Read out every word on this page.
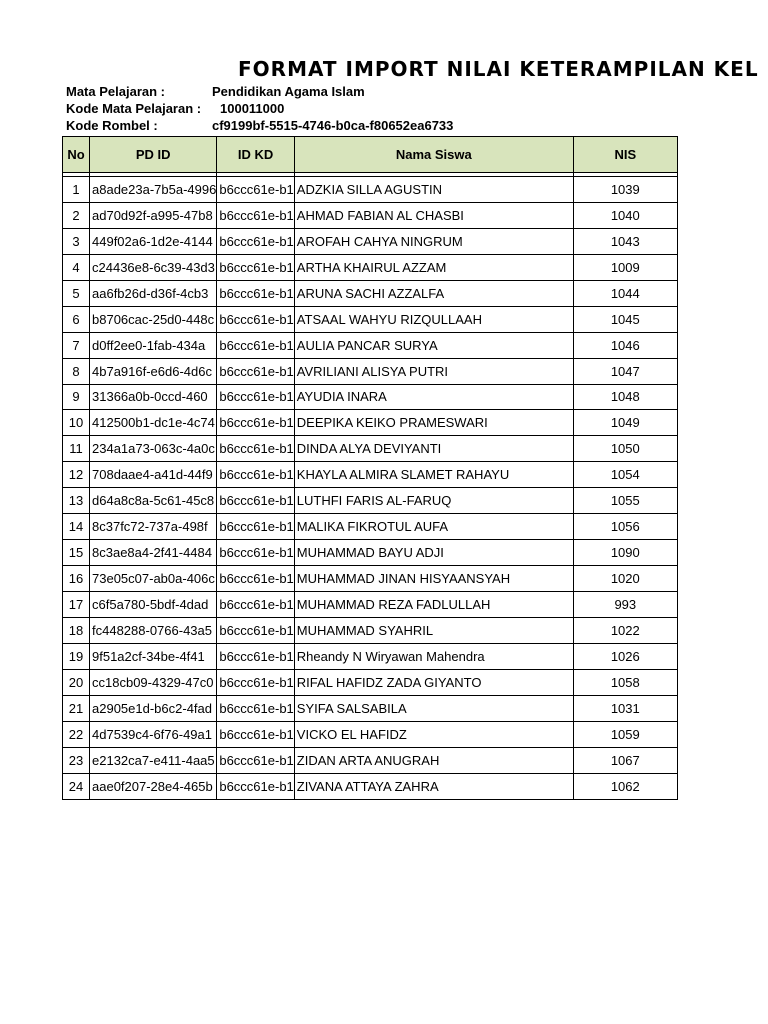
FORMAT IMPORT NILAI KETERAMPILAN KEL
Mata Pelajaran :	Pendidikan Agama Islam
Kode Mata Pelajaran : 100011000
Kode Rombel :	cf9199bf-5515-4746-b0ca-f80652ea6733
No	PD ID	ID KD	Nama Siswa	NIS

1	a8ade23a-7b5a-4996	b6ccc61e-b1	ADZKIA SILLA AGUSTIN	1039
2	ad70d92f-a995-47b8	b6ccc61e-b1	AHMAD FABIAN AL CHASBI	1040
3	449f02a6-1d2e-4144	b6ccc61e-b1	AROFAH CAHYA NINGRUM	1043
4	c24436e8-6c39-43d3	b6ccc61e-b1	ARTHA KHAIRUL AZZAM	1009
5	aa6fb26d-d36f-4cb3	b6ccc61e-b1	ARUNA SACHI AZZALFA	1044
6	b8706cac-25d0-448c	b6ccc61e-b1	ATSAAL WAHYU RIZQULLAAH	1045
7	d0ff2ee0-1fab-434a	b6ccc61e-b1	AULIA PANCAR SURYA	1046
8	4b7a916f-e6d6-4d6c	b6ccc61e-b1	AVRILIANI ALISYA PUTRI	1047
9	31366a0b-0ccd-460	b6ccc61e-b1	AYUDIA INARA	1048
10	412500b1-dc1e-4c74	b6ccc61e-b1	DEEPIKA KEIKO PRAMESWARI	1049
11	234a1a73-063c-4a0c	b6ccc61e-b1	DINDA ALYA DEVIYANTI	1050
12	708daae4-a41d-44f9	b6ccc61e-b1	KHAYLA ALMIRA SLAMET RAHAYU	1054
13	d64a8c8a-5c61-45c8	b6ccc61e-b1	LUTHFI FARIS AL-FARUQ	1055
14	8c37fc72-737a-498f	b6ccc61e-b1	MALIKA FIKROTUL AUFA	1056
15	8c3ae8a4-2f41-4484	b6ccc61e-b1	MUHAMMAD BAYU ADJI	1090
16	73e05c07-ab0a-406c	b6ccc61e-b1	MUHAMMAD JINAN HISYAANSYAH	1020
17	c6f5a780-5bdf-4dad	b6ccc61e-b1	MUHAMMAD REZA FADLULLAH	993
18	fc448288-0766-43a5	b6ccc61e-b1	MUHAMMAD SYAHRIL	1022
19	9f51a2cf-34be-4f41	b6ccc61e-b1	Rheandy N Wiryawan Mahendra	1026
20	cc18cb09-4329-47c0	b6ccc61e-b1	RIFAL HAFIDZ ZADA GIYANTO	1058
21	a2905e1d-b6c2-4fad	b6ccc61e-b1	SYIFA SALSABILA	1031
22	4d7539c4-6f76-49a1	b6ccc61e-b1	VICKO EL HAFIDZ	1059
23	e2132ca7-e411-4aa5	b6ccc61e-b1	ZIDAN ARTA ANUGRAH	1067
24	aae0f207-28e4-465b	b6ccc61e-b1	ZIVANA ATTAYA ZAHRA	1062
